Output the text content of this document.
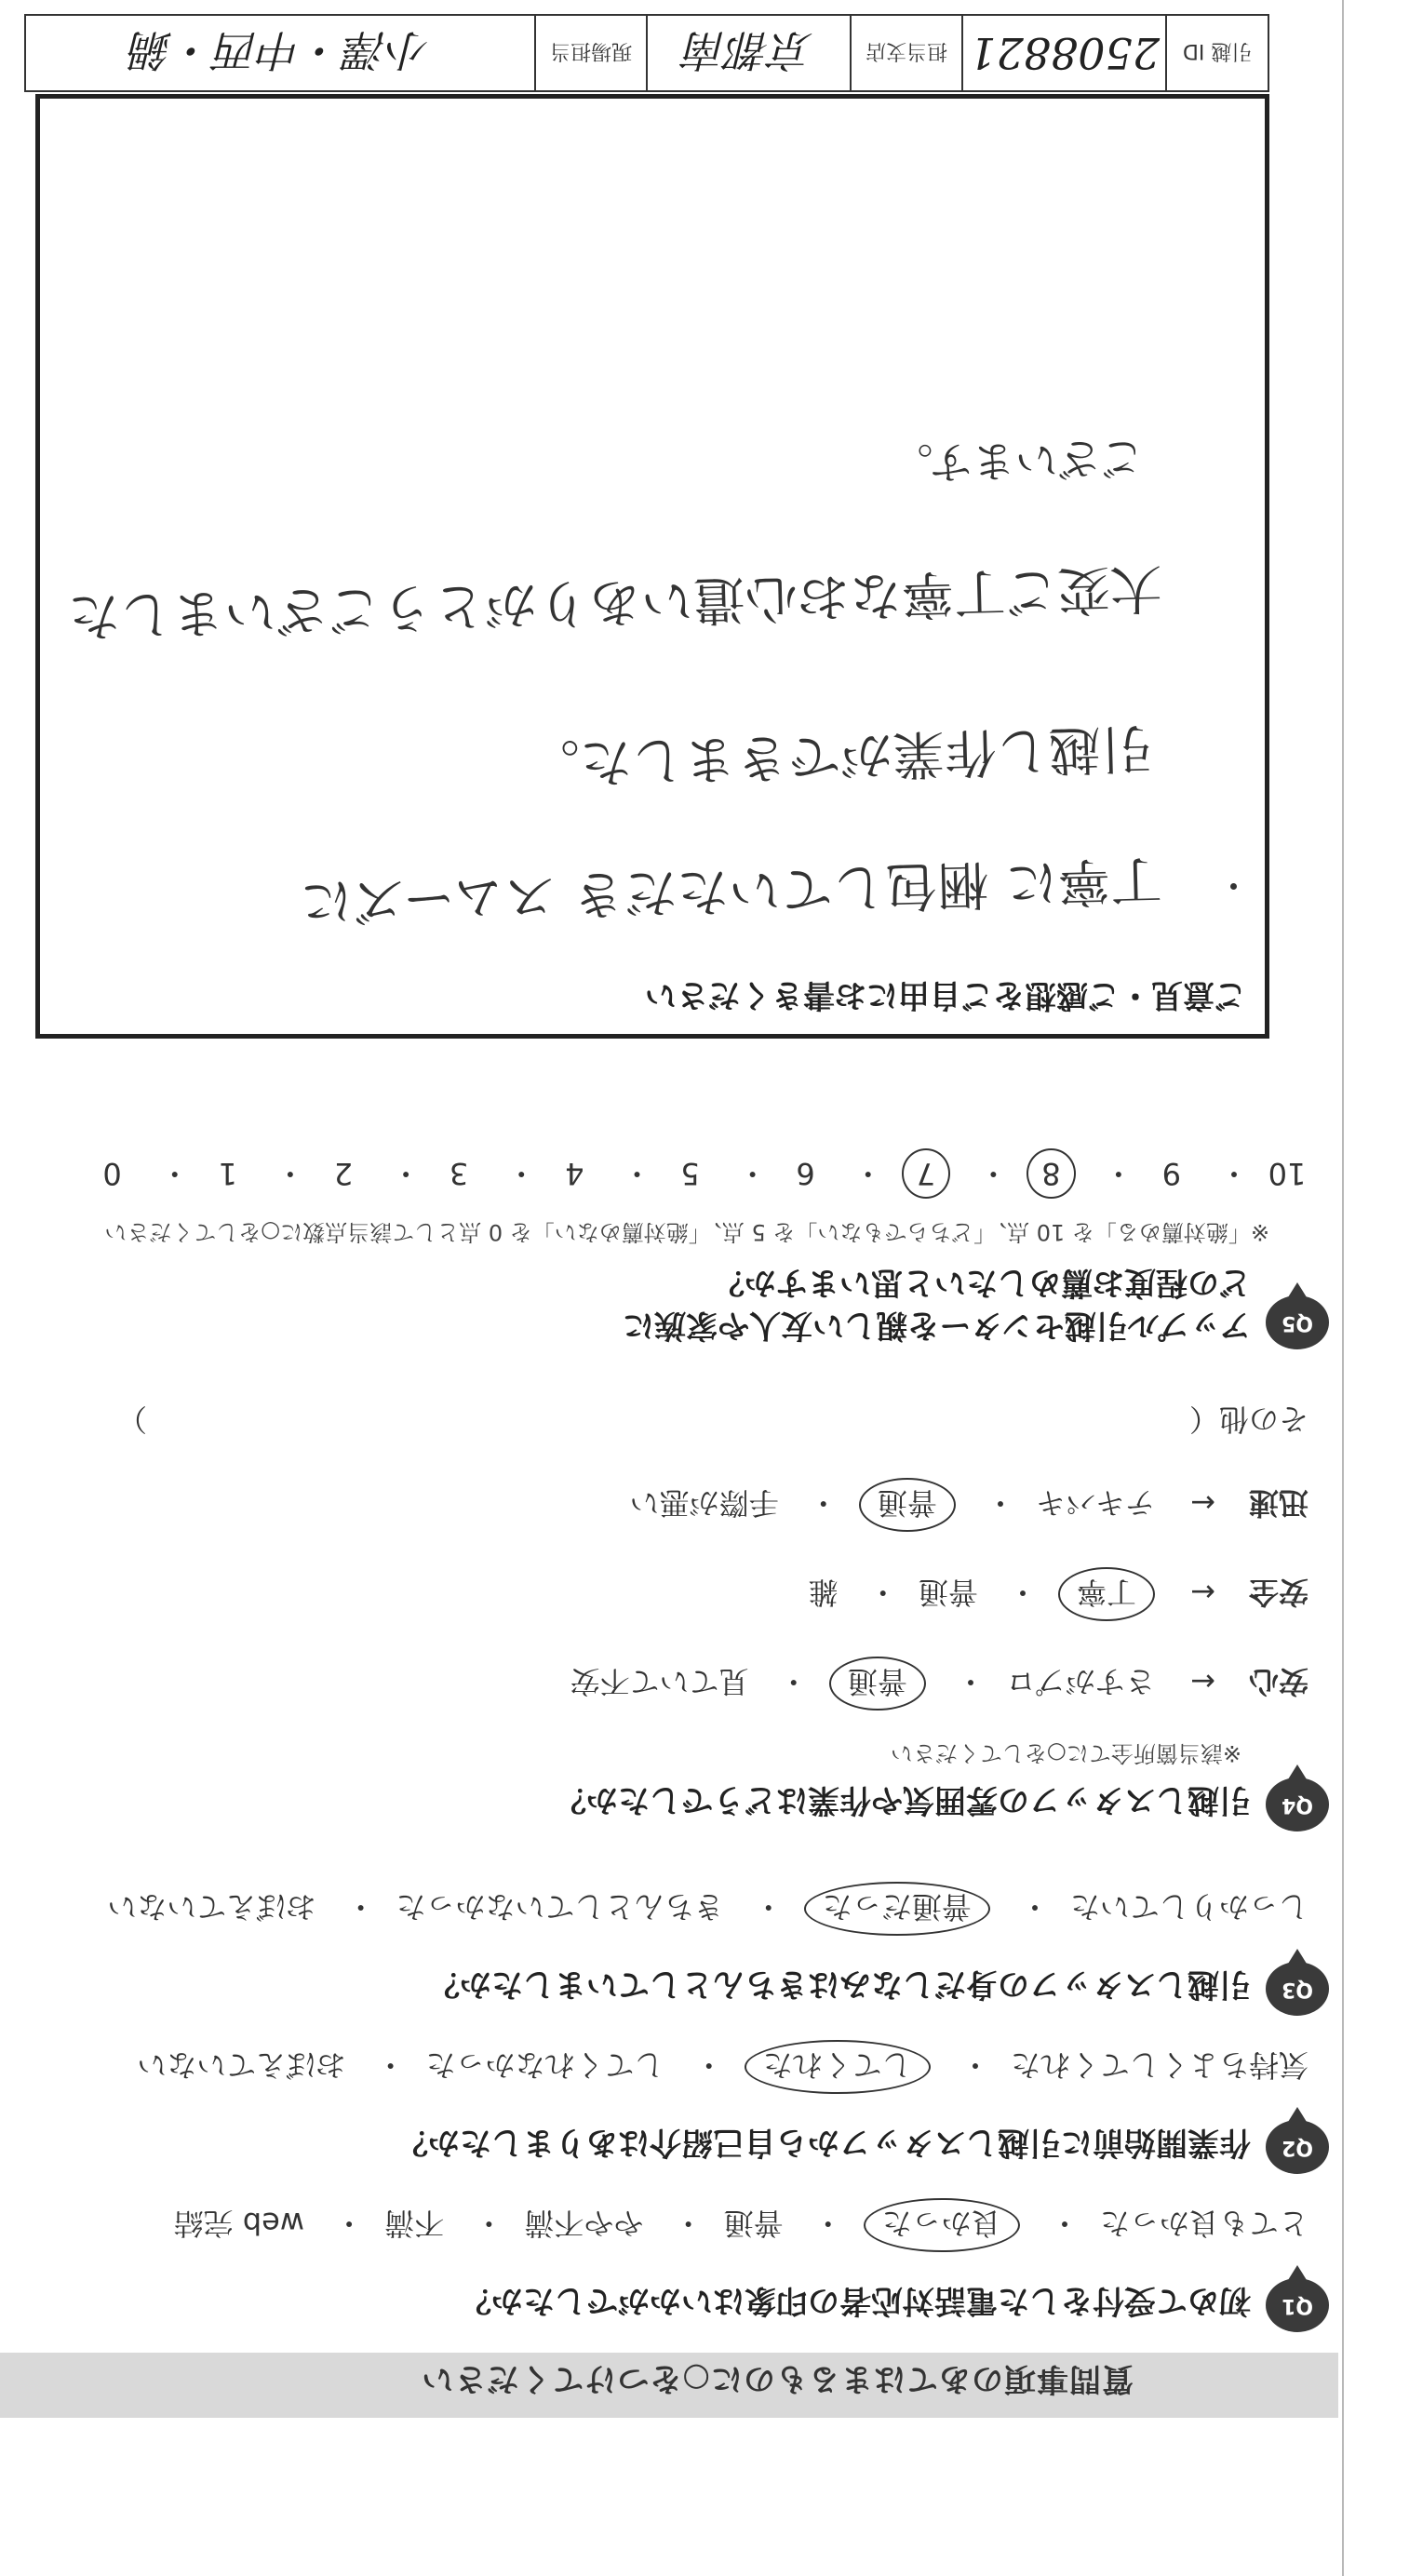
質問事項のあてはまるものに○をつけてください
Q1
初めて受付をした電話対応者の印象はいかがでしたか？
とても良かった・ 良かった・ 普通・ やや不満・ 不満・ web 完結
Q2
作業開始前に引越しスタッフから自己紹介はありましたか？
気持ちよくしてくれた・ してくれた・ してくれなかった・ おぼえていない
Q3
引越しスタッフの身だしなみはきちんとしていましたか？
しっかりしていた・ 普通だった・ きちんとしていなかった・ おぼえていない
Q4
引越しスタッフの雰囲気や作業はどうでしたか？
※該当箇所全てに○をしてください
安心← さすがプロ・ 普通・ 見ていて不安
安全← 丁寧・ 普通・ 雑
迅速← テキパキ・ 普通・ 手際が悪い
その他（
）
Q5
アップル引越センターを親しい友人や家族に
どの程度お薦めしたいと思いますか？
※「絶対薦める」を 10 点、「どちらでもない」を 5 点、「絶対薦めない」を 0 点として該当点数に○をしてください
10・ 9・ 8・ 7・ 6・ 5・ 4・ 3・ 2・ 1・ 0
ご意見・ご感想をご自由にお書きください
丁寧に 梱包していただき スムーズに
引越し作業ができました。
大変ご丁寧なお心遣いありがとうございました
ございます。
引越 ID
2508821
担当支店
京都南
現場担当
小澤・中西・鍋
